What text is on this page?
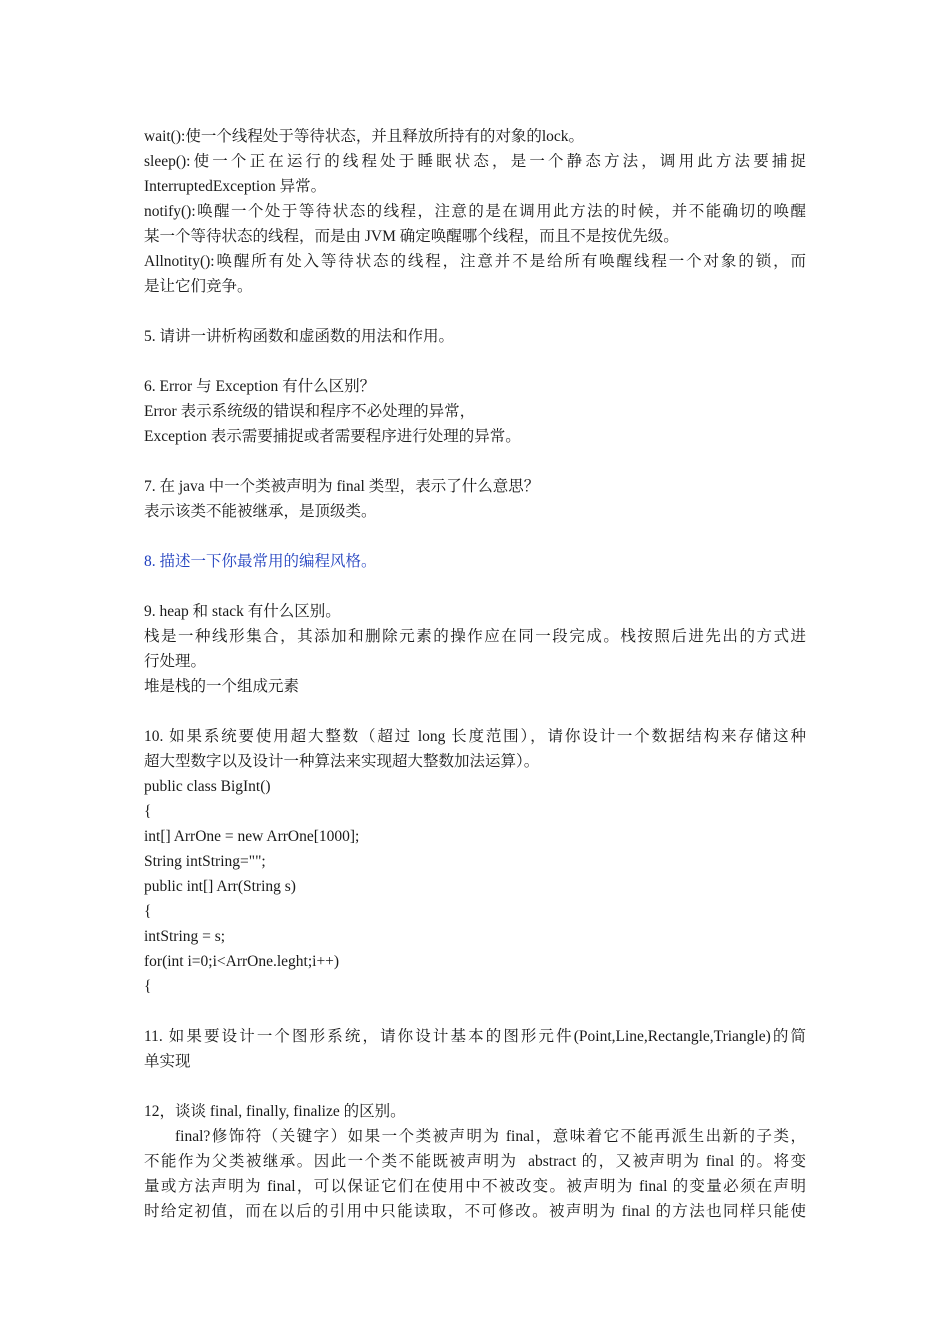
wait():使一个线程处于等待状态，并且释放所持有的对象的lock。
sleep():使一个正在运行的线程处于睡眠状态，是一个静态方法，调用此方法要捕捉
InterruptedException 异常。
notify():唤醒一个处于等待状态的线程，注意的是在调用此方法的时候，并不能确切的唤醒
某一个等待状态的线程，而是由 JVM 确定唤醒哪个线程，而且不是按优先级。
Allnotity():唤醒所有处入等待状态的线程，注意并不是给所有唤醒线程一个对象的锁，而
是让它们竞争。
5. 请讲一讲析构函数和虚函数的用法和作用。
6. Error 与 Exception 有什么区别？
Error 表示系统级的错误和程序不必处理的异常，
Exception 表示需要捕捉或者需要程序进行处理的异常。
7. 在 java 中一个类被声明为 final 类型，表示了什么意思？
表示该类不能被继承，是顶级类。
8. 描述一下你最常用的编程风格。
9. heap 和 stack 有什么区别。
栈是一种线形集合，其添加和删除元素的操作应在同一段完成。栈按照后进先出的方式进
行处理。
堆是栈的一个组成元素
10. 如果系统要使用超大整数（超过 long 长度范围），请你设计一个数据结构来存储这种
超大型数字以及设计一种算法来实现超大整数加法运算）。
public class BigInt()
{
int[] ArrOne = new ArrOne[1000];
String intString="";
public int[] Arr(String s)
{
intString = s;
for(int i=0;i<ArrOne.leght;i++)
{
11. 如果要设计一个图形系统，请你设计基本的图形元件(Point,Line,Rectangle,Triangle)的简
单实现
12，谈谈 final, finally, finalize 的区别。
final?修饰符（关键字）如果一个类被声明为 final，意味着它不能再派生出新的子类，
不能作为父类被继承。因此一个类不能既被声明为  abstract 的，又被声明为 final 的。将变
量或方法声明为 final，可以保证它们在使用中不被改变。被声明为 final 的变量必须在声明
时给定初值，而在以后的引用中只能读取，不可修改。被声明为 final 的方法也同样只能使
